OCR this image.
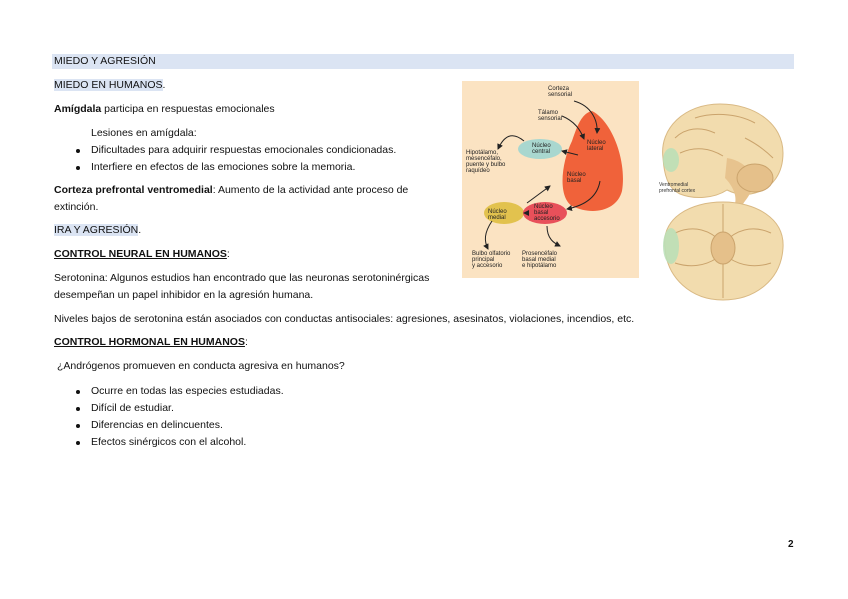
MIEDO Y AGRESIÓN
MIEDO EN HUMANOS.
Amígdala participa en respuestas emocionales
Lesiones en amígdala:
Dificultades para adquirir respuestas emocionales condicionadas.
Interfiere en efectos de las emociones sobre la memoria.
Corteza prefrontal ventromedial: Aumento de la actividad ante proceso de
extinción.
IRA Y AGRESIÓN.
CONTROL NEURAL EN HUMANOS:
Serotonina: Algunos estudios han encontrado que las neuronas serotoninérgicas
desempeñan un papel inhibidor en la agresión humana.
Niveles bajos de serotonina están asociados con conductas antisociales: agresiones, asesinatos, violaciones, incendios, etc.
CONTROL HORMONAL EN HUMANOS:
¿Andrógenos promueven en conducta agresiva en humanos?
Ocurre en todas las especies estudiadas.
Difícil de estudiar.
Diferencias en delincuentes.
Efectos sinérgicos con el alcohol.
2
Corteza sensorial
Tálamo sensorial
Hipotálamo, mesencéfalo, puente y bulbo raquídeo
Núcleo central
Núcleo lateral
Núcleo basal
Núcleo medial
Núcleo basal accesorio
Bulbo olfatorio principal y accesorio
Prosencéfalo basal medial e hipotálamo
Ventromedial prefrontal cortex
